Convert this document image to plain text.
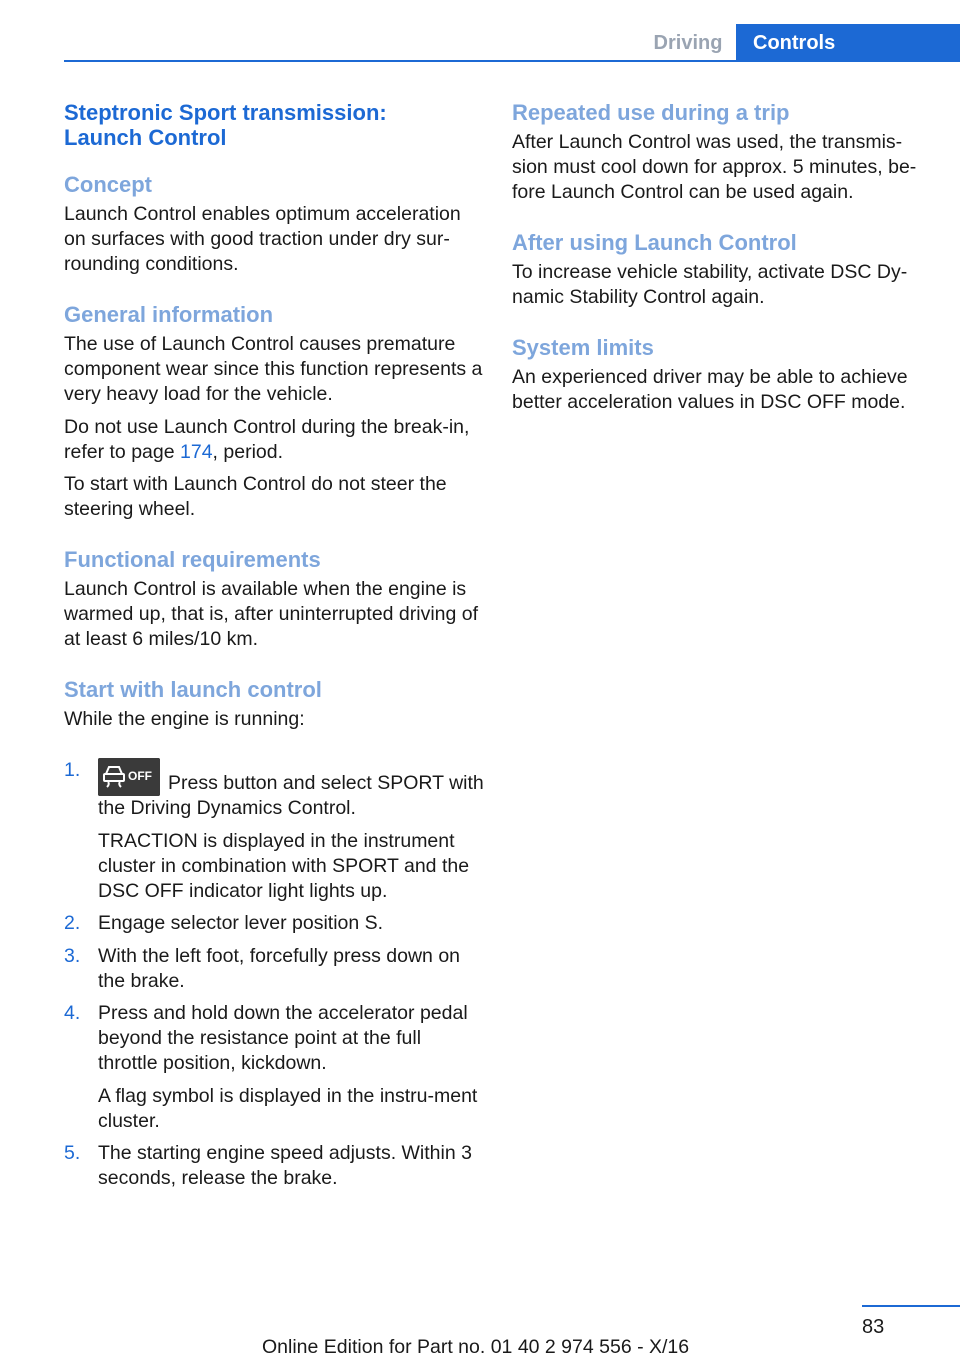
Driving	Controls
Steptronic Sport transmission:
Launch Control
Concept
Launch Control enables optimum acceleration on surfaces with good traction under dry sur-rounding conditions.
General information
The use of Launch Control causes premature component wear since this function represents a very heavy load for the vehicle.
Do not use Launch Control during the break-in, refer to page 174, period.
To start with Launch Control do not steer the steering wheel.
Functional requirements
Launch Control is available when the engine is warmed up, that is, after uninterrupted driving of at least 6 miles/10 km.
Start with launch control
While the engine is running:
1.	OFF Press button and select SPORT with the Driving Dynamics Control.
TRACTION is displayed in the instrument cluster in combination with SPORT and the DSC OFF indicator light lights up.
2. Engage selector lever position S.
3. With the left foot, forcefully press down on the brake.
4. Press and hold down the accelerator pedal beyond the resistance point at the full throttle position, kickdown.
A flag symbol is displayed in the instru-ment cluster.
5. The starting engine speed adjusts. Within 3 seconds, release the brake.
Repeated use during a trip
After Launch Control was used, the transmis-sion must cool down for approx. 5 minutes, be-fore Launch Control can be used again.
After using Launch Control
To increase vehicle stability, activate DSC Dy-namic Stability Control again.
System limits
An experienced driver may be able to achieve better acceleration values in DSC OFF mode.
83
Online Edition for Part no. 01 40 2 974 556 - X/16
